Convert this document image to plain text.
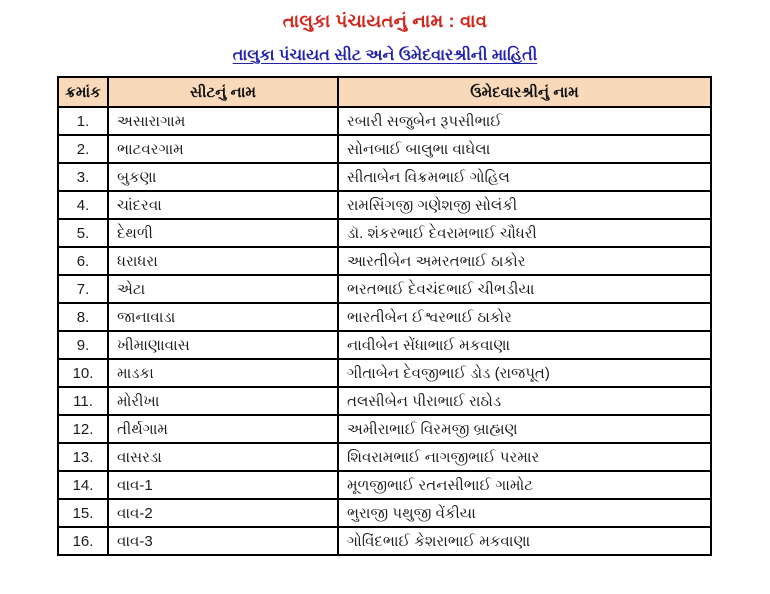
તાલુકા પંચાયતનું નામ : વાવ
તાલુકા પંચાયત સીટ અને ઉમેદવારશ્રીની માહિતી
ક્રમાંક	સીટનું નામ	ઉમેદવારશ્રીનું નામ
1.	અસારાગામ	રબારી સજુબેન રૂપસીભાઈ
2.	ભાટવરગામ	સોનબાઈ બાલુભા વાઘેલા
3.	બુકણા	સીતાબેન વિક્રમભાઈ ગોહિલ
4.	ચાંદરવા	રામસિંગજી ગણેશજી સોલંકી
5.	દેથળી	ડૉ. શંકરભાઈ દેવરામભાઈ ચૌધરી
6.	ધરાધરા	આરતીબેન અમરતભાઈ ઠાકોર
7.	એટા	ભરતભાઈ દેવચંદભાઈ ચીભડીયા
8.	જાનાવાડા	ભારતીબેન ઈશ્વરભાઈ ઠાકોર
9.	ખીમાણાવાસ	નાવીબેન સેંધાભાઈ મકવાણા
10.	માડકા	ગીતાબેન દેવજીભાઈ ડોડ (રાજપૂત)
11.	મોરીખા	તલસીબેન પીરાભાઈ રાઠોડ
12.	તીર્થગામ	અમીરાભાઈ વિરમજી બ્રાહ્મણ
13.	વાસરડા	શિવરામભાઈ નાગજીભાઈ પરમાર
14.	વાવ-1	મૂળજીભાઈ રતનસીભાઈ ગામોટ
15.	વાવ-2	ભુરાજી પથુજી વેંકીયા
16.	વાવ-3	ગોવિંદભાઈ કેશરાભાઈ મકવાણા
